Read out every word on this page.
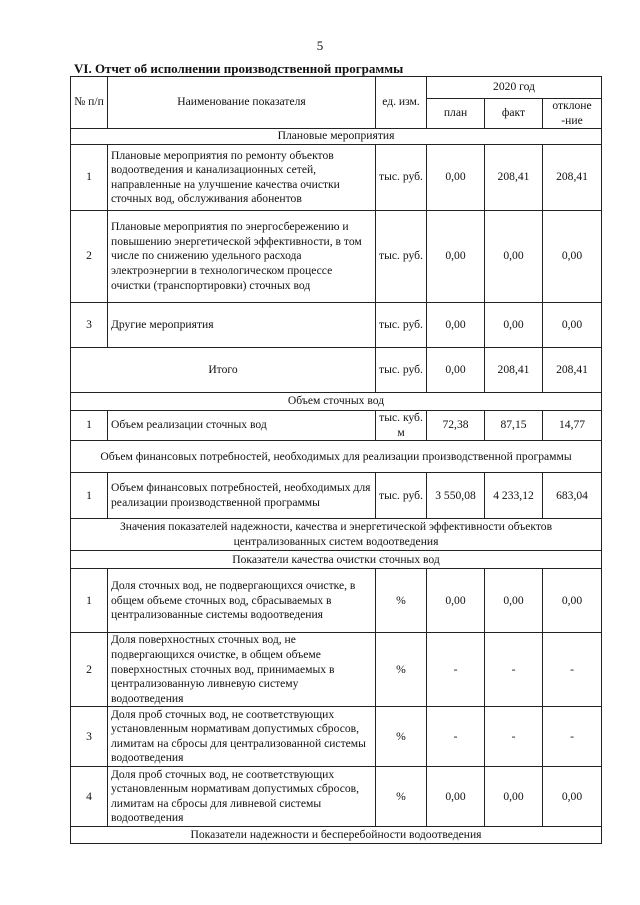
5
VI. Отчет об исполнении производственной программы
№ п/п	Наименование показателя	ед. изм.	2020 год		
			план	факт	отклоне -ние
Плановые мероприятия					
1	Плановые мероприятия по ремонту объектов водоотведения и канализационных сетей, направленные на улучшение качества очистки сточных вод, обслуживания абонентов	тыс. руб.	0,00	208,41	208,41
2	Плановые мероприятия по энергосбережению и повышению энергетической эффективности, в том числе по снижению удельного расхода электроэнергии в технологическом процессе очистки (транспортировки) сточных вод	тыс. руб.	0,00	0,00	0,00
3	Другие мероприятия	тыс. руб.	0,00	0,00	0,00
Итого		тыс. руб.	0,00	208,41	208,41
Объем сточных вод					
1	Объем реализации сточных вод	тыс. куб. м	72,38	87,15	14,77
Объем финансовых потребностей, необходимых для реализации производственной программы					
1	Объем финансовых потребностей, необходимых для реализации производственной программы	тыс. руб.	3 550,08	4 233,12	683,04
Значения показателей надежности, качества и энергетической эффективности объектов централизованных систем водоотведения					
Показатели качества очистки сточных вод					
1	Доля сточных вод, не подвергающихся очистке, в общем объеме сточных вод, сбрасываемых в централизованные системы водоотведения	%	0,00	0,00	0,00
2	Доля поверхностных сточных вод, не подвергающихся очистке, в общем объеме поверхностных сточных вод, принимаемых в централизованную ливневую систему водоотведения	%	-	-	-
3	Доля проб сточных вод, не соответствующих установленным нормативам допустимых сбросов, лимитам на сбросы для централизованной системы водоотведения	%	-	-	-
4	Доля проб сточных вод, не соответствующих установленным нормативам допустимых сбросов, лимитам на сбросы для ливневой системы водоотведения	%	0,00	0,00	0,00
Показатели надежности и бесперебойности водоотведения					
